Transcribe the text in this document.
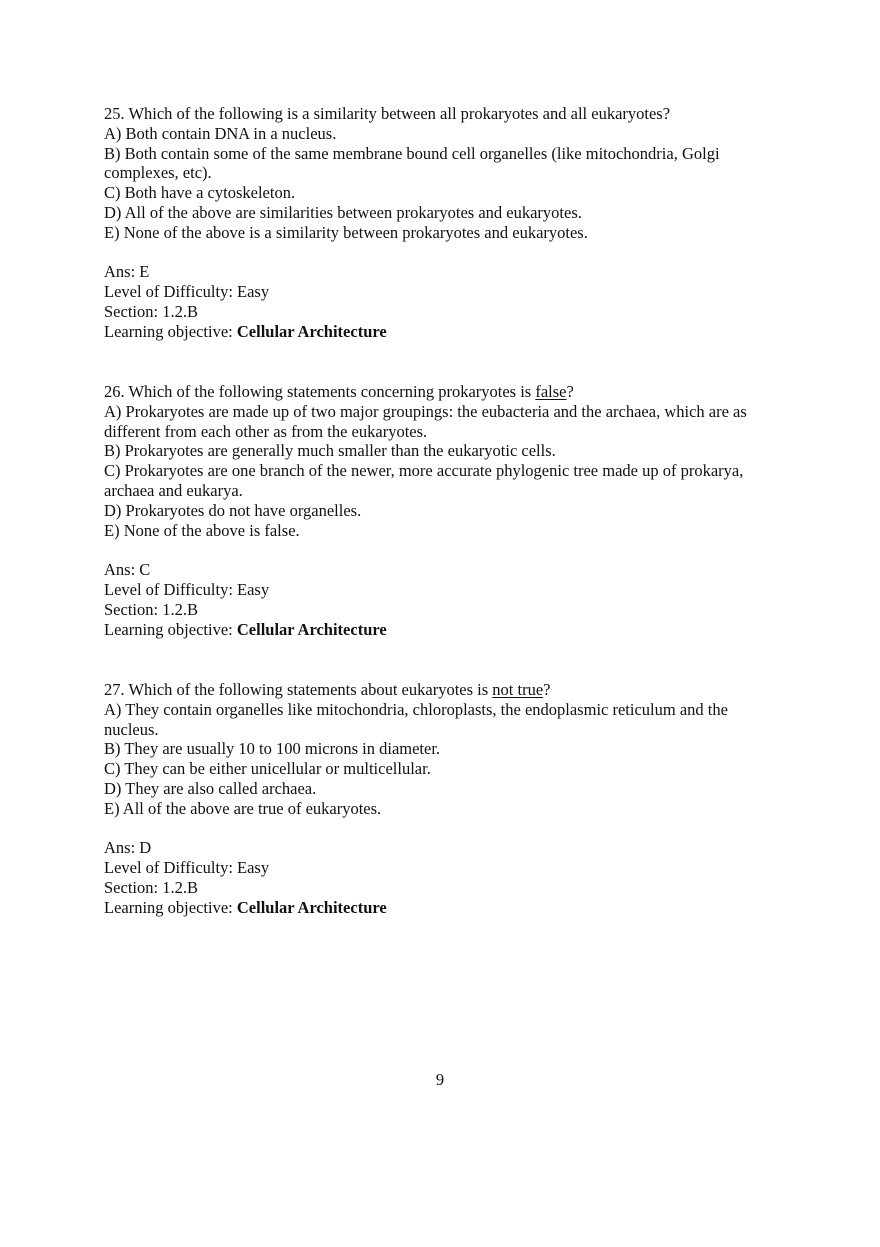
25. Which of the following is a similarity between all prokaryotes and all eukaryotes?
A) Both contain DNA in a nucleus.
B) Both contain some of the same membrane bound cell organelles (like mitochondria, Golgi complexes, etc).
C) Both have a cytoskeleton.
D) All of the above are similarities between prokaryotes and eukaryotes.
E) None of the above is a similarity between prokaryotes and eukaryotes.
Ans: E
Level of Difficulty: Easy
Section: 1.2.B
Learning objective: Cellular Architecture
26. Which of the following statements concerning prokaryotes is false?
A) Prokaryotes are made up of two major groupings: the eubacteria and the archaea, which are as different from each other as from the eukaryotes.
B) Prokaryotes are generally much smaller than the eukaryotic cells.
C) Prokaryotes are one branch of the newer, more accurate phylogenic tree made up of prokarya, archaea and eukarya.
D) Prokaryotes do not have organelles.
E) None of the above is false.
Ans: C
Level of Difficulty: Easy
Section: 1.2.B
Learning objective: Cellular Architecture
27. Which of the following statements about eukaryotes is not true?
A) They contain organelles like mitochondria, chloroplasts, the endoplasmic reticulum and the nucleus.
B) They are usually 10 to 100 microns in diameter.
C) They can be either unicellular or multicellular.
D) They are also called archaea.
E) All of the above are true of eukaryotes.
Ans: D
Level of Difficulty: Easy
Section: 1.2.B
Learning objective: Cellular Architecture
9
